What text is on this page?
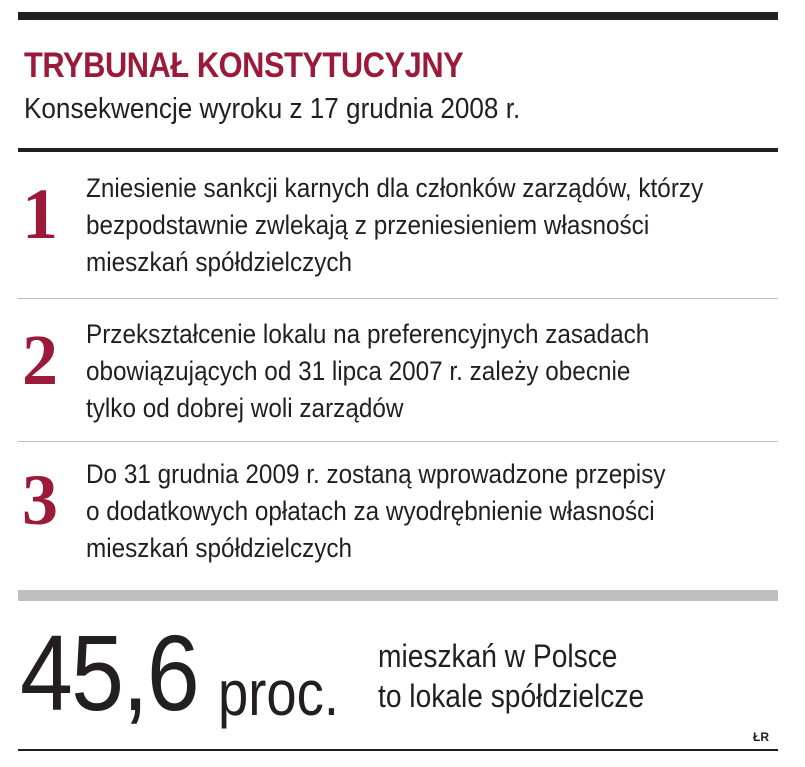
TRYBUNAŁ KONSTYTUCYJNY
Konsekwencje wyroku z 17 grudnia 2008 r.
1 Zniesienie sankcji karnych dla członków zarządów, którzy
bezpodstawnie zwlekają z przeniesieniem własności
mieszkań spółdzielczych
2 Przekształcenie lokalu na preferencyjnych zasadach
obowiązujących od 31 lipca 2007 r. zależy obecnie
tylko od dobrej woli zarządów
3 Do 31 grudnia 2009 r. zostaną wprowadzone przepisy
o dodatkowych opłatach za wyodrębnienie własności
mieszkań spółdzielczych
45,6 proc.
mieszkań w Polsce
to lokale spółdzielcze
ŁR
